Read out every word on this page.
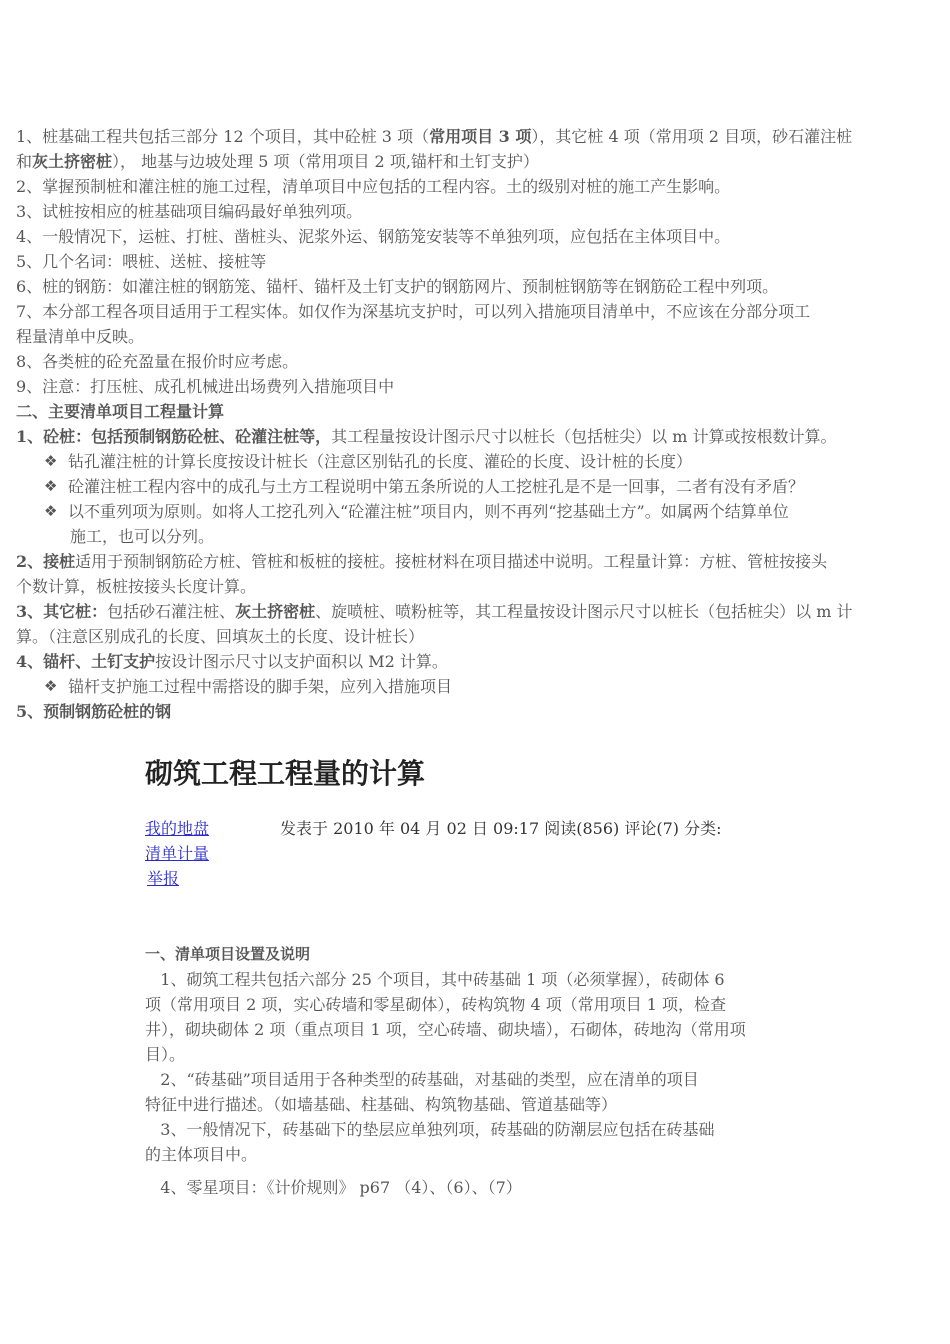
1、桩基础工程共包括三部分 12 个项目，其中砼桩 3 项（常用项目 3 项），其它桩 4 项（常用项 2 目项，砂石灌注桩

和灰土挤密桩）， 地基与边坡处理 5 项（常用项目 2 项,锚杆和土钉支护）

2、掌握预制桩和灌注桩的施工过程，清单项目中应包括的工程内容。土的级别对桩的施工产生影响。

3、试桩按相应的桩基础项目编码最好单独列项。

4、一般情况下，运桩、打桩、凿桩头、泥浆外运、钢筋笼安装等不单独列项，应包括在主体项目中。

5、几个名词：喂桩、送桩、接桩等

6、桩的钢筋：如灌注桩的钢筋笼、锚杆、锚杆及土钉支护的钢筋网片、预制桩钢筋等在钢筋砼工程中列项。

7、本分部工程各项目适用于工程实体。如仅作为深基坑支护时，可以列入措施项目清单中，不应该在分部分项工

程量清单中反映。

8、各类桩的砼充盈量在报价时应考虑。

9、注意：打压桩、成孔机械进出场费列入措施项目中

二、主要清单项目工程量计算

1、砼桩：包括预制钢筋砼桩、砼灌注桩等，其工程量按设计图示尺寸以桩长（包括桩尖）以 m 计算或按根数计算。

❖ 钻孔灌注桩的计算长度按设计桩长（注意区别钻孔的长度、灌砼的长度、设计桩的长度）

❖ 砼灌注桩工程内容中的成孔与土方工程说明中第五条所说的人工挖桩孔是不是一回事，二者有没有矛盾？

❖ 以不重列项为原则。如将人工挖孔列入“砼灌注桩”项目内，则不再列“挖基础土方”。如属两个结算单位

施工，也可以分列。

2、接桩适用于预制钢筋砼方桩、管桩和板桩的接桩。接桩材料在项目描述中说明。工程量计算：方桩、管桩按接头

个数计算，板桩按接头长度计算。

3、其它桩：包括砂石灌注桩、灰土挤密桩、旋喷桩、喷粉桩等，其工程量按设计图示尺寸以桩长（包括桩尖）以 m 计

算。（注意区别成孔的长度、回填灰土的长度、设计桩长）

4、锚杆、土钉支护按设计图示尺寸以支护面积以 M2 计算。

❖ 锚杆支护施工过程中需搭设的脚手架，应列入措施项目

5、预制钢筋砼桩的钢

砌筑工程工程量的计算
我的地盘
清单计量
举报
发表于 2010 年 04 月 02 日 09:17 阅读(856) 评论(7) 分类:

一、清单项目设置及说明

1、砌筑工程共包括六部分 25 个项目，其中砖基础 1 项（必须掌握），砖砌体 6

项（常用项目 2 项，实心砖墙和零星砌体），砖构筑物 4 项（常用项目 1 项，检查

井），砌块砌体 2 项（重点项目 1 项，空心砖墙、砌块墙），石砌体，砖地沟（常用项

目）。

2、“砖基础”项目适用于各种类型的砖基础，对基础的类型，应在清单的项目

特征中进行描述。（如墙基础、柱基础、构筑物基础、管道基础等）

3、一般情况下，砖基础下的垫层应单独列项，砖基础的防潮层应包括在砖基础

的主体项目中。

4、零星项目：《计价规则》 p67 （4）、（6）、（7）
